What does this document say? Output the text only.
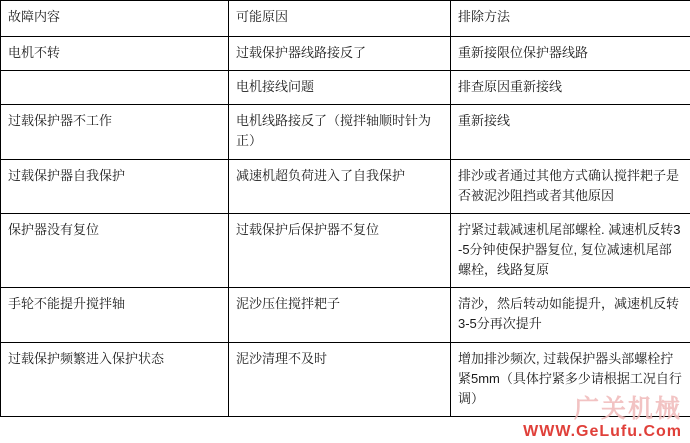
故障内容	可能原因	排除方法

电机不转	过载保护器线路接反了	重新接限位保护器线路

	电机接线问题	排查原因重新接线

过载保护器不工作	电机线路接反了（搅拌轴顺时针为正）	重新接线

过载保护器自我保护	减速机超负荷进入了自我保护	排沙或者通过其他方式确认搅拌耙子是否被泥沙阻挡或者其他原因

保护器没有复位	过载保护后保护器不复位	拧紧过载减速机尾部螺栓. 减速机反转3-5分钟使保护器复位, 复位减速机尾部螺栓，线路复原

手轮不能提升搅拌轴	泥沙压住搅拌耙子	清沙，然后转动如能提升，减速机反转3-5分再次提升

过载保护频繁进入保护状态	泥沙清理不及时	增加排沙频次, 过载保护器头部螺栓拧紧5mm（具体拧紧多少请根据工况自行调）	广关机械
WWW.GeLufu.Com
